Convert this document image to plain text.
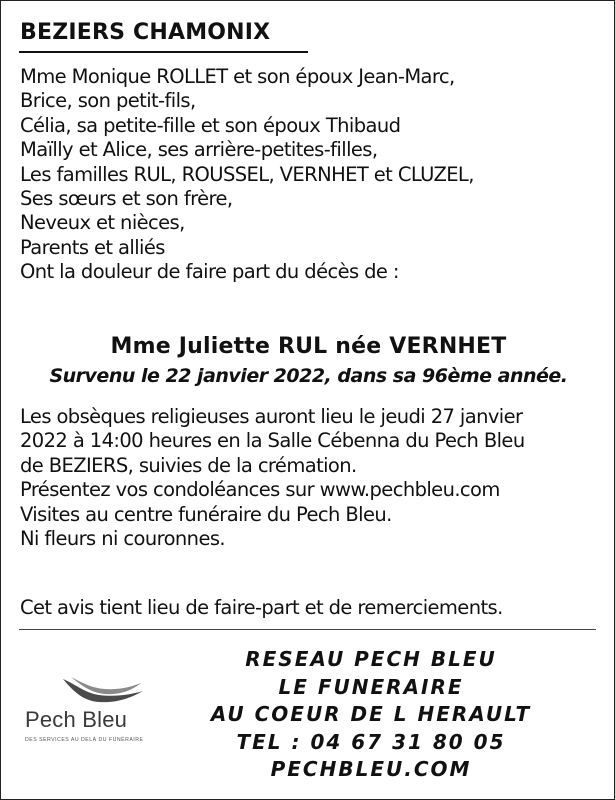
BEZIERS CHAMONIX
Mme Monique ROLLET et son époux Jean-Marc,
Brice, son petit-fils,
Célia, sa petite-fille et son époux Thibaud
Maïlly et Alice, ses arrière-petites-filles,
Les familles RUL, ROUSSEL, VERNHET et CLUZEL,
Ses sœurs et son frère,
Neveux et nièces,
Parents et alliés
Ont la douleur de faire part du décès de :
Mme Juliette RUL née VERNHET
Survenu le 22 janvier 2022, dans sa 96ème année.
Les obsèques religieuses auront lieu le jeudi 27 janvier
2022 à 14:00 heures en la Salle Cébenna du Pech Bleu
de BEZIERS, suivies de la crémation.
Présentez vos condoléances sur www.pechbleu.com
Visites au centre funéraire du Pech Bleu.
Ni fleurs ni couronnes.
Cet avis tient lieu de faire-part et de remerciements.
Pech Bleu
DES SERVICES AU DELÀ DU FUNÉRAIRE
RESEAU PECH BLEU
LE FUNERAIRE
AU COEUR DE L HERAULT
TEL : 04 67 31 80 05
PECHBLEU.COM
